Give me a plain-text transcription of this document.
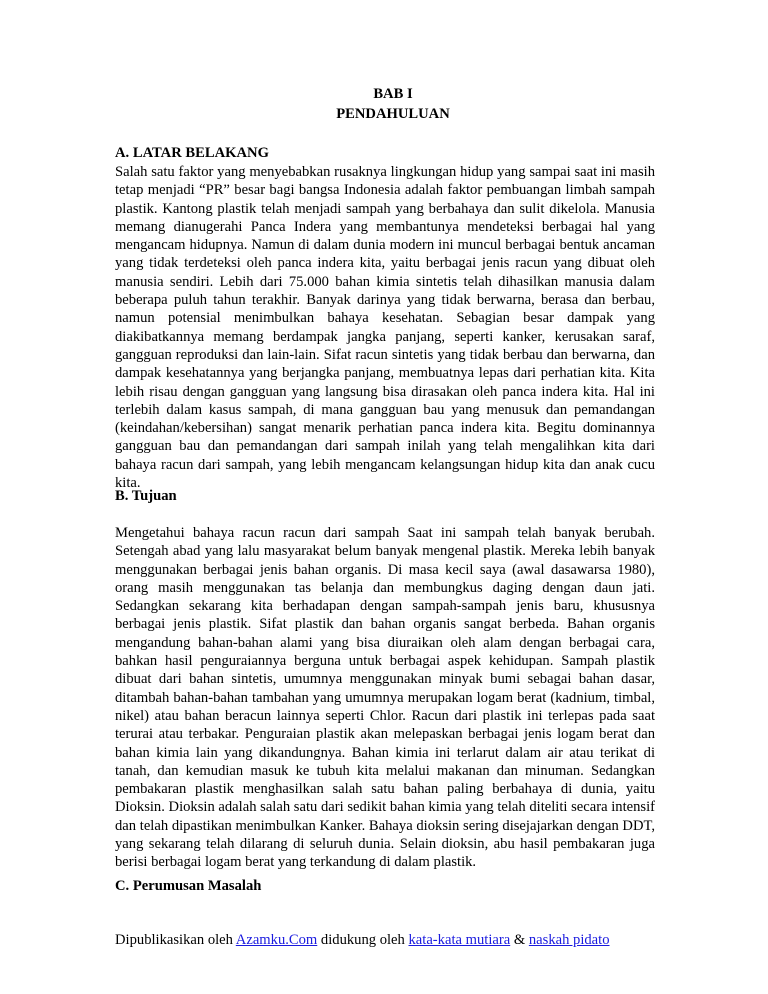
BAB I
PENDAHULUAN
A. LATAR BELAKANG

Salah satu faktor yang menyebabkan rusaknya lingkungan hidup yang sampai saat ini masih tetap menjadi “PR” besar bagi bangsa Indonesia adalah faktor pembuangan limbah sampah plastik. Kantong plastik telah menjadi sampah yang berbahaya dan sulit dikelola. Manusia memang dianugerahi Panca Indera yang membantunya mendeteksi berbagai hal yang mengancam hidupnya. Namun di dalam dunia modern ini muncul berbagai bentuk ancaman yang tidak terdeteksi oleh panca indera kita, yaitu berbagai jenis racun yang dibuat oleh manusia sendiri. Lebih dari 75.000 bahan kimia sintetis telah dihasilkan manusia dalam beberapa puluh tahun terakhir. Banyak darinya yang tidak berwarna, berasa dan berbau, namun potensial menimbulkan bahaya kesehatan. Sebagian besar dampak yang diakibatkannya memang berdampak jangka panjang, seperti kanker, kerusakan saraf, gangguan reproduksi dan lain-lain. Sifat racun sintetis yang tidak berbau dan berwarna, dan dampak kesehatannya yang berjangka panjang, membuatnya lepas dari perhatian kita. Kita lebih risau dengan gangguan yang langsung bisa dirasakan oleh panca indera kita. Hal ini terlebih dalam kasus sampah, di mana gangguan bau yang menusuk dan pemandangan (keindahan/kebersihan) sangat menarik perhatian panca indera kita. Begitu dominannya gangguan bau dan pemandangan dari sampah inilah yang telah mengalihkan kita dari bahaya racun dari sampah, yang lebih mengancam kelangsungan hidup kita dan anak cucu kita.

B. Tujuan

Mengetahui bahaya racun racun dari sampah Saat ini sampah telah banyak berubah. Setengah abad yang lalu masyarakat belum banyak mengenal plastik. Mereka lebih banyak menggunakan berbagai jenis bahan organis. Di masa kecil saya (awal dasawarsa 1980), orang masih menggunakan tas belanja dan membungkus daging dengan daun jati. Sedangkan sekarang kita berhadapan dengan sampah-sampah jenis baru, khususnya berbagai jenis plastik. Sifat plastik dan bahan organis sangat berbeda. Bahan organis mengandung bahan-bahan alami yang bisa diuraikan oleh alam dengan berbagai cara, bahkan hasil penguraiannya berguna untuk berbagai aspek kehidupan. Sampah plastik dibuat dari bahan sintetis, umumnya menggunakan minyak bumi sebagai bahan dasar, ditambah bahan-bahan tambahan yang umumnya merupakan logam berat (kadnium, timbal, nikel) atau bahan beracun lainnya seperti Chlor. Racun dari plastik ini terlepas pada saat terurai atau terbakar. Penguraian plastik akan melepaskan berbagai jenis logam berat dan bahan kimia lain yang dikandungnya. Bahan kimia ini terlarut dalam air atau terikat di tanah, dan kemudian masuk ke tubuh kita melalui makanan dan minuman. Sedangkan pembakaran plastik menghasilkan salah satu bahan paling berbahaya di dunia, yaitu Dioksin. Dioksin adalah salah satu dari sedikit bahan kimia yang telah diteliti secara intensif dan telah dipastikan menimbulkan Kanker. Bahaya dioksin sering disejajarkan dengan DDT, yang sekarang telah dilarang di seluruh dunia. Selain dioksin, abu hasil pembakaran juga berisi berbagai logam berat yang terkandung di dalam plastik.

C. Perumusan Masalah
Dipublikasikan oleh Azamku.Com didukung oleh kata-kata mutiara & naskah pidato
